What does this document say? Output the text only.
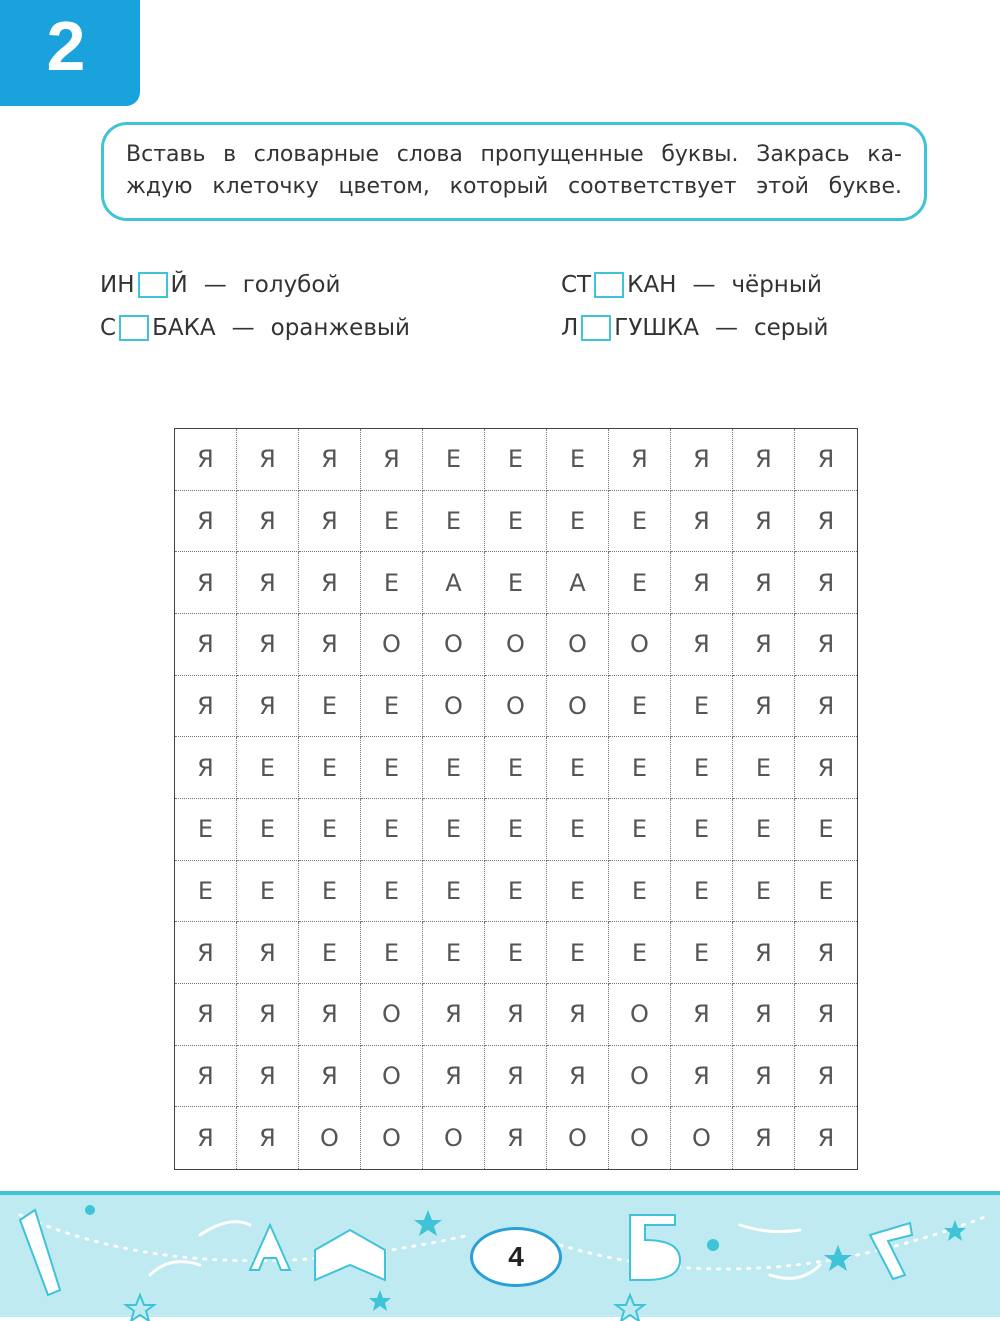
2
Вставь в словарные слова пропущенные буквы. Закрась ка-
ждую клеточку цветом, который соответствует этой букве.
ИН Й — голубой	СТ КАН — чёрный
С БАКА — оранжевый	Л ГУШКА — серый
Я	Я	Я	Я	Е	Е	Е	Я	Я	Я	Я
Я	Я	Я	Е	Е	Е	Е	Е	Я	Я	Я
Я	Я	Я	Е	А	Е	А	Е	Я	Я	Я
Я	Я	Я	О	О	О	О	О	Я	Я	Я
Я	Я	Е	Е	О	О	О	Е	Е	Я	Я
Я	Е	Е	Е	Е	Е	Е	Е	Е	Е	Я
Е	Е	Е	Е	Е	Е	Е	Е	Е	Е	Е
Е	Е	Е	Е	Е	Е	Е	Е	Е	Е	Е
Я	Я	Е	Е	Е	Е	Е	Е	Е	Я	Я
Я	Я	Я	О	Я	Я	Я	О	Я	Я	Я
Я	Я	Я	О	Я	Я	Я	О	Я	Я	Я
Я	Я	О	О	О	Я	О	О	О	Я	Я
4
